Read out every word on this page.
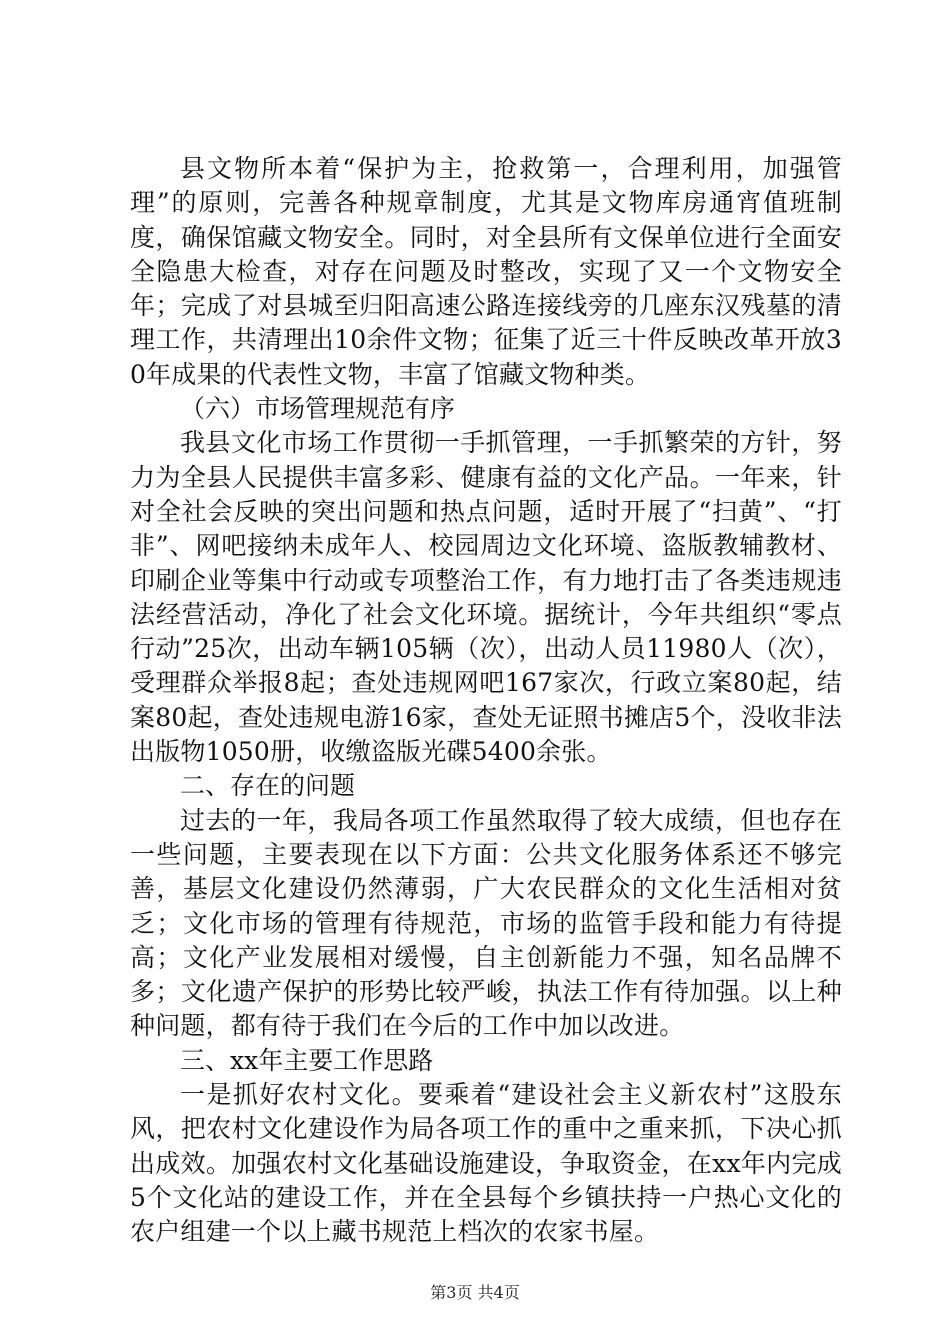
县文物所本着“保护为主，抢救第一，合理利用，加强管理”的原则，完善各种规章制度，尤其是文物库房通宵值班制度，确保馆藏文物安全。同时，对全县所有文保单位进行全面安全隐患大检查，对存在问题及时整改，实现了又一个文物安全年；完成了对县城至归阳高速公路连接线旁的几座东汉残墓的清理工作，共清理出10余件文物；征集了近三十件反映改革开放30年成果的代表性文物，丰富了馆藏文物种类。

（六）市场管理规范有序

我县文化市场工作贯彻一手抓管理，一手抓繁荣的方针，努力为全县人民提供丰富多彩、健康有益的文化产品。一年来，针对全社会反映的突出问题和热点问题，适时开展了“扫黄”、“打非”、网吧接纳未成年人、校园周边文化环境、盗版教辅教材、印刷企业等集中行动或专项整治工作，有力地打击了各类违规违法经营活动，净化了社会文化环境。据统计，今年共组织“零点行动”25次，出动车辆105辆（次），出动人员11980人（次），受理群众举报8起；查处违规网吧167家次，行政立案80起，结案80起，查处违规电游16家，查处无证照书摊店5个，没收非法出版物1050册，收缴盗版光碟5400余张。

二、存在的问题

过去的一年，我局各项工作虽然取得了较大成绩，但也存在一些问题，主要表现在以下方面：公共文化服务体系还不够完善，基层文化建设仍然薄弱，广大农民群众的文化生活相对贫乏；文化市场的管理有待规范，市场的监管手段和能力有待提高；文化产业发展相对缓慢，自主创新能力不强，知名品牌不多；文化遗产保护的形势比较严峻，执法工作有待加强。以上种种问题，都有待于我们在今后的工作中加以改进。

三、xx年主要工作思路

一是抓好农村文化。要乘着“建设社会主义新农村”这股东风，把农村文化建设作为局各项工作的重中之重来抓，下决心抓出成效。加强农村文化基础设施建设，争取资金，在xx年内完成5个文化站的建设工作，并在全县每个乡镇扶持一户热心文化的农户组建一个以上藏书规范上档次的农家书屋。

第3页 共4页
